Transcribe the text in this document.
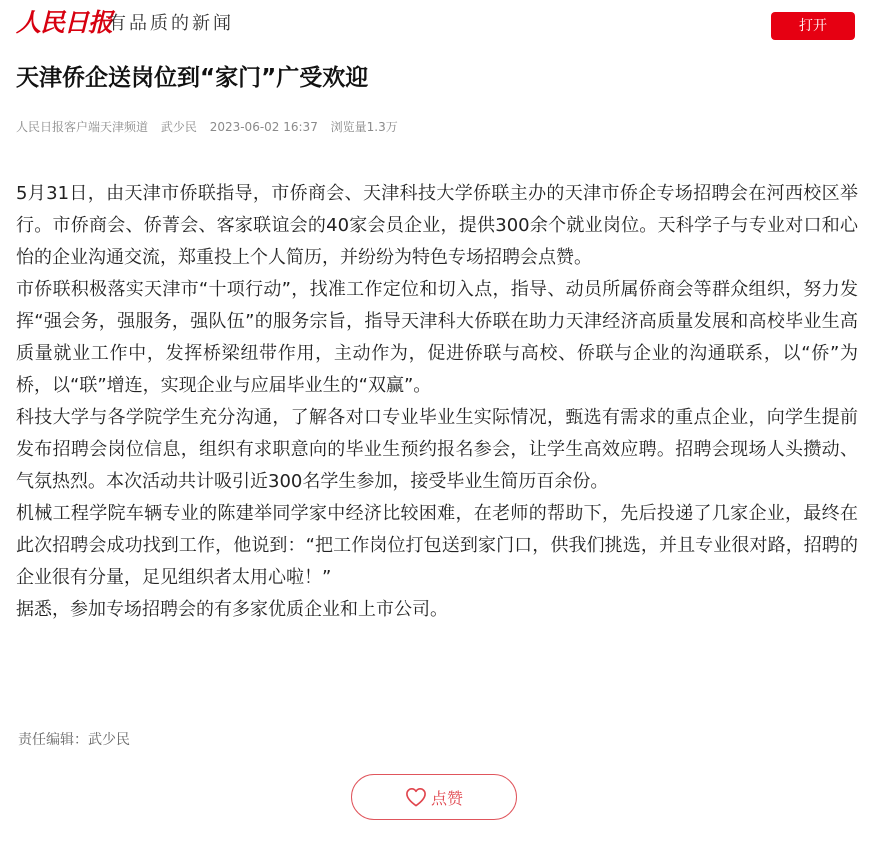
人民日报
有品质的新闻	打开
天津侨企送岗位到“家门”广受欢迎
人民日报客户端天津频道 武少民 2023-06-02 16:37 浏览量1.3万

5月31日，由天津市侨联指导，市侨商会、天津科技大学侨联主办的天津市侨企专场招聘会在河西校区举行。市侨商会、侨菁会、客家联谊会的40家会员企业，提供300余个就业岗位。天科学子与专业对口和心怡的企业沟通交流，郑重投上个人简历，并纷纷为特色专场招聘会点赞。

市侨联积极落实天津市“十项行动”，找准工作定位和切入点，指导、动员所属侨商会等群众组织，努力发挥“强会务，强服务，强队伍”的服务宗旨，指导天津科大侨联在助力天津经济高质量发展和高校毕业生高质量就业工作中，发挥桥梁纽带作用，主动作为，促进侨联与高校、侨联与企业的沟通联系，以“侨”为桥，以“联”增连，实现企业与应届毕业生的“双赢”。

科技大学与各学院学生充分沟通，了解各对口专业毕业生实际情况，甄选有需求的重点企业，向学生提前发布招聘会岗位信息，组织有求职意向的毕业生预约报名参会，让学生高效应聘。招聘会现场人头攒动、气氛热烈。本次活动共计吸引近300名学生参加，接受毕业生简历百余份。

机械工程学院车辆专业的陈建举同学家中经济比较困难，在老师的帮助下，先后投递了几家企业，最终在此次招聘会成功找到工作，他说到：“把工作岗位打包送到家门口，供我们挑选，并且专业很对路，招聘的企业很有分量，足见组织者太用心啦！”

据悉，参加专场招聘会的有多家优质企业和上市公司。

责任编辑：武少民
点赞
